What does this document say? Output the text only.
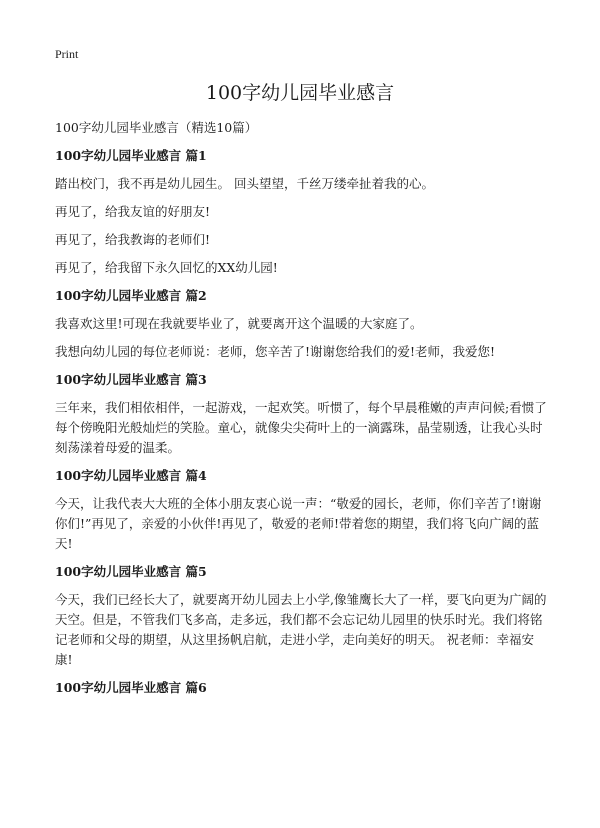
Print
100字幼儿园毕业感言

100字幼儿园毕业感言（精选10篇）

100字幼儿园毕业感言 篇1

踏出校门，我不再是幼儿园生。 回头望望，千丝万缕牵扯着我的心。

再见了，给我友谊的好朋友!

再见了，给我教诲的老师们!

再见了，给我留下永久回忆的XX幼儿园!

100字幼儿园毕业感言 篇2

我喜欢这里!可现在我就要毕业了，就要离开这个温暖的大家庭了。

我想向幼儿园的每位老师说：老师，您辛苦了!谢谢您给我们的爱!老师，我爱您!

100字幼儿园毕业感言 篇3

三年来，我们相依相伴，一起游戏，一起欢笑。听惯了，每个早晨稚嫩的声声问候;看惯了每个傍晚阳光般灿烂的笑脸。童心，就像尖尖荷叶上的一滴露珠，晶莹剔透，让我心头时刻荡漾着母爱的温柔。

100字幼儿园毕业感言 篇4

今天，让我代表大大班的全体小朋友衷心说一声：“敬爱的园长，老师，你们辛苦了!谢谢你们!”再见了，亲爱的小伙伴!再见了，敬爱的老师!带着您的期望，我们将飞向广阔的蓝天!

100字幼儿园毕业感言 篇5

今天，我们已经长大了，就要离开幼儿园去上小学,像雏鹰长大了一样，要飞向更为广阔的天空。但是，不管我们飞多高，走多远，我们都不会忘记幼儿园里的快乐时光。我们将铭记老师和父母的期望，从这里扬帆启航，走进小学，走向美好的明天。 祝老师：幸福安康!

100字幼儿园毕业感言 篇6
